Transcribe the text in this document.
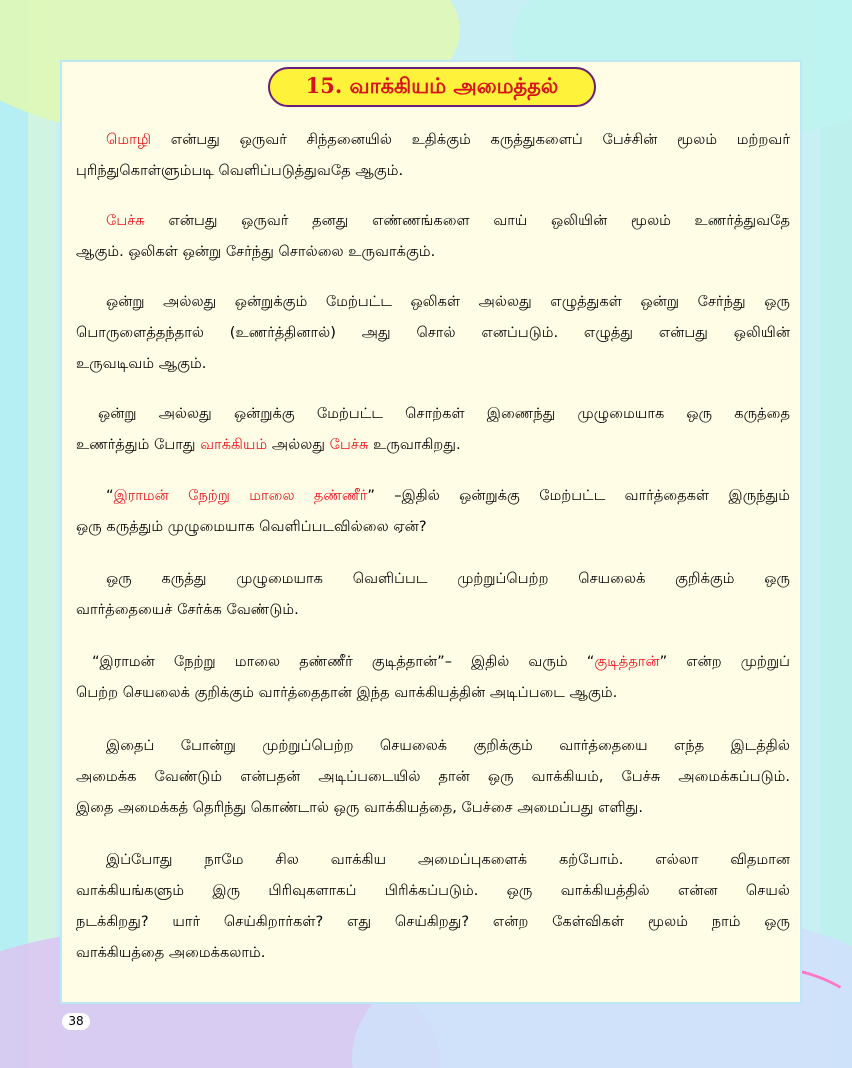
15. வாக்கியம் அமைத்தல்
மொழி என்பது ஒருவர் சிந்தனையில் உதிக்கும் கருத்துகளைப் பேச்சின் மூலம் மற்றவர்
புரிந்துகொள்ளும்படி வெளிப்படுத்துவதே ஆகும்.
பேச்சு என்பது ஒருவர் தனது எண்ணங்களை வாய் ஒலியின் மூலம் உணர்த்துவதே
ஆகும். ஒலிகள் ஒன்று சேர்ந்து சொல்லை உருவாக்கும்.
ஒன்று அல்லது ஒன்றுக்கும் மேற்பட்ட ஒலிகள் அல்லது எழுத்துகள் ஒன்று சேர்ந்து ஒரு
பொருளைத்தந்தால் (உணர்த்தினால்) அது சொல் எனப்படும். எழுத்து என்பது ஒலியின்
உருவடிவம் ஆகும்.
ஒன்று அல்லது ஒன்றுக்கு மேற்பட்ட சொற்கள் இணைந்து முழுமையாக ஒரு கருத்தை
உணர்த்தும் போது வாக்கியம் அல்லது பேச்சு உருவாகிறது.
“இராமன் நேற்று மாலை தண்ணீர்” –இதில் ஒன்றுக்கு மேற்பட்ட வார்த்தைகள் இருந்தும்
ஒரு கருத்தும் முழுமையாக வெளிப்படவில்லை ஏன்?
ஒரு கருத்து முழுமையாக வெளிப்பட முற்றுப்பெற்ற செயலைக் குறிக்கும் ஒரு
வார்த்தையைச் சேர்க்க வேண்டும்.
“இராமன் நேற்று மாலை தண்ணீர் குடித்தான்”– இதில் வரும் “குடித்தான்” என்ற முற்றுப்
பெற்ற செயலைக் குறிக்கும் வார்த்தைதான் இந்த வாக்கியத்தின் அடிப்படை ஆகும்.
இதைப் போன்று முற்றுப்பெற்ற செயலைக் குறிக்கும் வார்த்தையை எந்த இடத்தில்
அமைக்க வேண்டும் என்பதன் அடிப்படையில் தான் ஒரு வாக்கியம், பேச்சு அமைக்கப்படும்.
இதை அமைக்கத் தெரிந்து கொண்டால் ஒரு வாக்கியத்தை, பேச்சை அமைப்பது எளிது.
இப்போது நாமே சில வாக்கிய அமைப்புகளைக் கற்போம். எல்லா விதமான
வாக்கியங்களும் இரு பிரிவுகளாகப் பிரிக்கப்படும். ஒரு வாக்கியத்தில் என்ன செயல்
நடக்கிறது? யார் செய்கிறார்கள்? எது செய்கிறது? என்ற கேள்விகள் மூலம் நாம் ஒரு
வாக்கியத்தை அமைக்கலாம்.
38
